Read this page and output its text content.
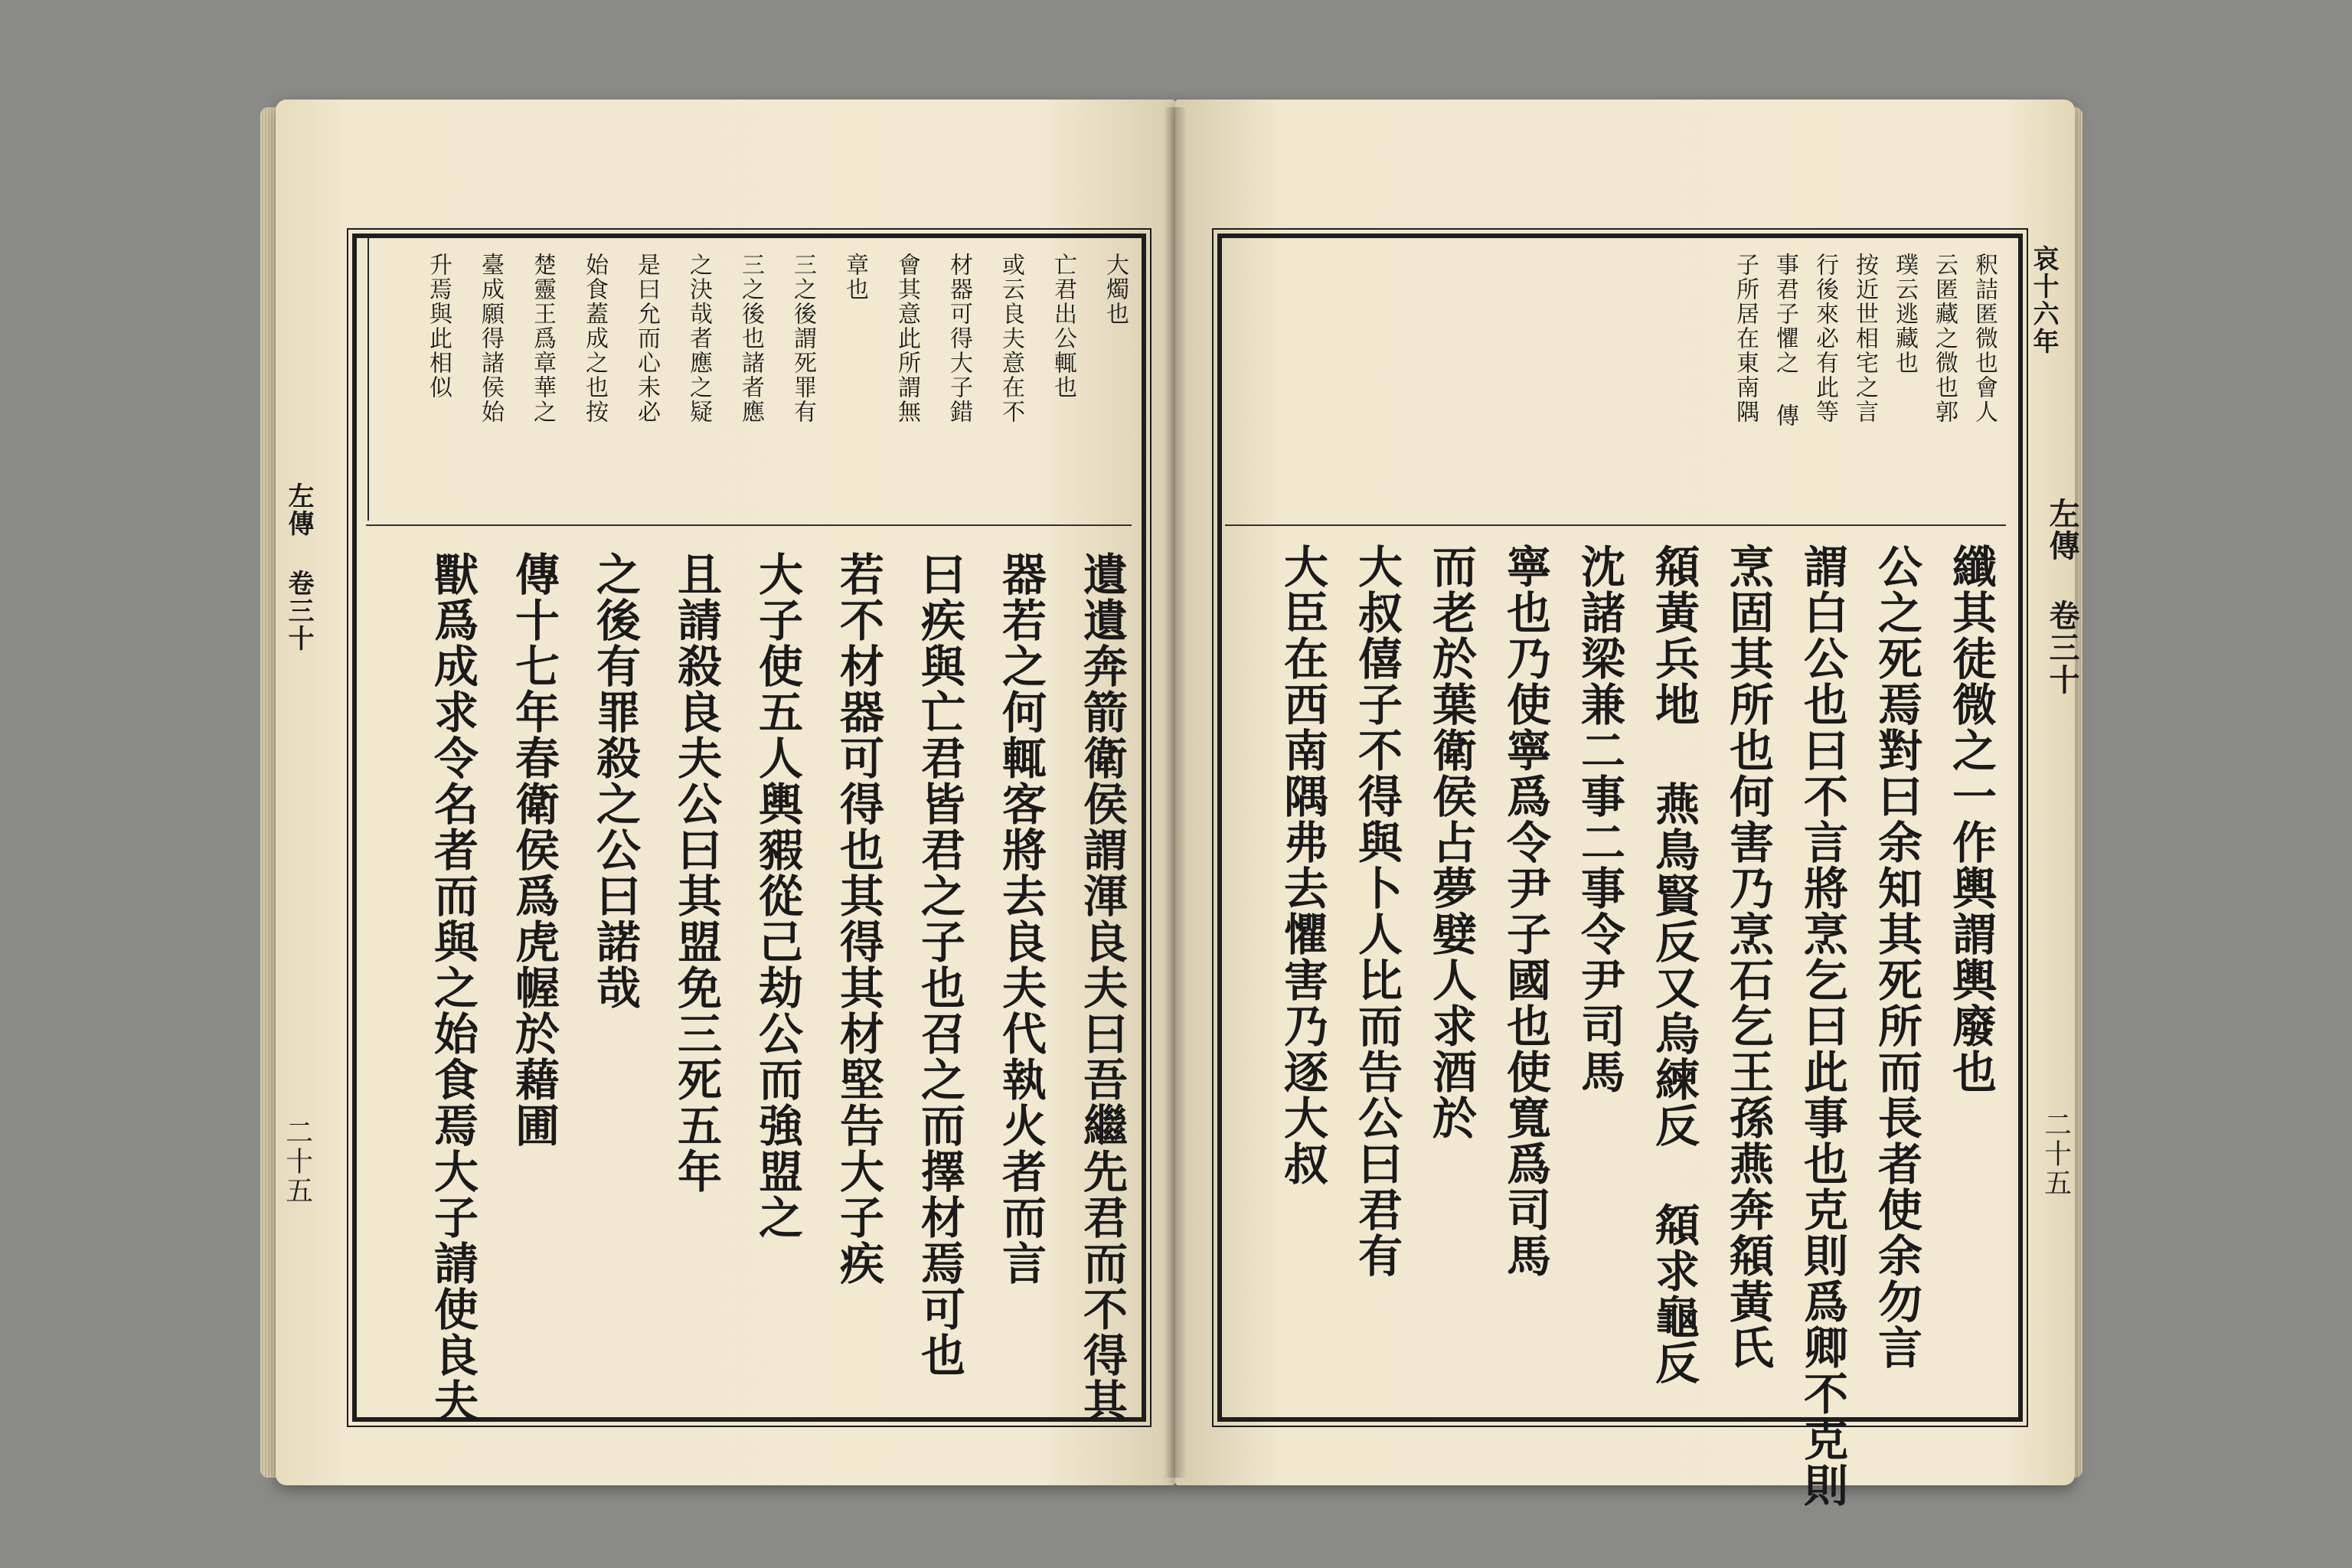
左傳 卷三十
大燭也
亡君出公輒也
或云良夫意在不
材器可得大子錯
會其意此所謂無
章也
三之後謂死罪有
三之後也諸者應
之決哉者應之疑
是曰允而心未必
始食蓋成之也按
楚靈王爲章華之
臺成願得諸侯始
升焉與此相似
遺遺奔箭衛侯謂渾良夫曰吾繼先君而不得其
器若之何輒客將去良夫代執火者而言
曰疾與亡君皆君之子也召之而擇材焉可也
若不材器可得也其得其材堅告大子疾
大子使五人輿豭從己劫公而強盟之
且請殺良夫公曰其盟免三死五年
之後有罪殺之公曰諾哉
傳十七年春衛侯爲虎幄於藉圃
獸爲成求令名者而與之始食焉大子請使良夫
二十五
哀十六年
左傳 卷三十
釈詰匿微也會人
云匿藏之微也郭
璞云逃藏也
按近世相宅之言
行後來必有此等
事君子懼之 傳
子所居在東南隅
纖其徒微之一作輿謂輿廢也
公之死焉對曰余知其死所而長者使余勿言
謂白公也曰不言將烹乞曰此事也克則爲卿不克則
烹固其所也何害乃烹石乞王孫燕奔頯黃氏
頯黃兵地 燕鳥賢反又烏練反 頯求龜反
沈諸梁兼二事二事令尹司馬
寧也乃使寧爲令尹子國也使寬爲司馬
而老於葉衛侯占夢嬖人求酒於
大叔僖子不得與卜人比而告公曰君有
大臣在西南隅弗去懼害乃逐大叔	二十五
